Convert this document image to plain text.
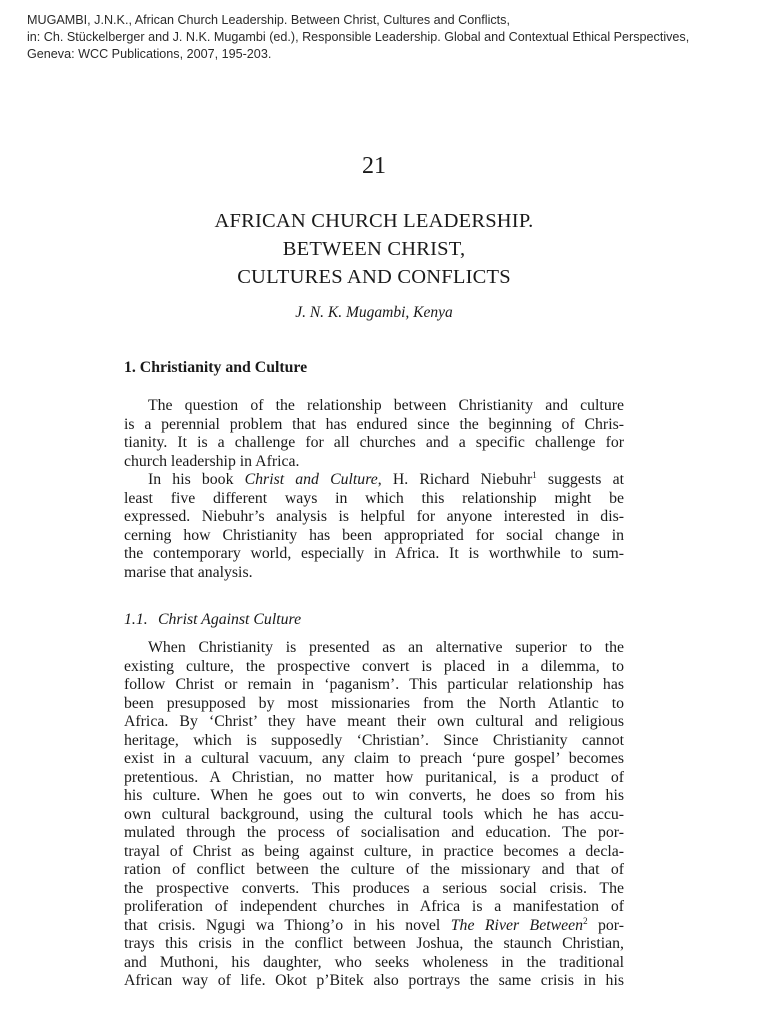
MUGAMBI, J.N.K., African Church Leadership. Between Christ, Cultures and Conflicts,
in: Ch. Stückelberger and J. N.K. Mugambi (ed.), Responsible Leadership. Global and Contextual Ethical Perspectives,
Geneva: WCC Publications, 2007, 195-203.
21
AFRICAN CHURCH LEADERSHIP.
BETWEEN CHRIST,
CULTURES AND CONFLICTS
J. N. K. Mugambi, Kenya
1. Christianity and Culture
The question of the relationship between Christianity and culture
is a perennial problem that has endured since the beginning of Chris-
tianity. It is a challenge for all churches and a specific challenge for
church leadership in Africa.
In his book Christ and Culture, H. Richard Niebuhr$^1$ suggests at
least five different ways in which this relationship might be
expressed. Niebuhr’s analysis is helpful for anyone interested in dis-
cerning how Christianity has been appropriated for social change in
the contemporary world, especially in Africa. It is worthwhile to sum-
marise that analysis.
1.1. Christ Against Culture
When Christianity is presented as an alternative superior to the
existing culture, the prospective convert is placed in a dilemma, to
follow Christ or remain in ‘paganism’. This particular relationship has
been presupposed by most missionaries from the North Atlantic to
Africa. By ‘Christ’ they have meant their own cultural and religious
heritage, which is supposedly ‘Christian’. Since Christianity cannot
exist in a cultural vacuum, any claim to preach ‘pure gospel’ becomes
pretentious. A Christian, no matter how puritanical, is a product of
his culture. When he goes out to win converts, he does so from his
own cultural background, using the cultural tools which he has accu-
mulated through the process of socialisation and education. The por-
trayal of Christ as being against culture, in practice becomes a decla-
ration of conflict between the culture of the missionary and that of
the prospective converts. This produces a serious social crisis. The
proliferation of independent churches in Africa is a manifestation of
that crisis. Ngugi wa Thiong’o in his novel The River Between$^2$ por-
trays this crisis in the conflict between Joshua, the staunch Christian,
and Muthoni, his daughter, who seeks wholeness in the traditional
African way of life. Okot p’Bitek also portrays the same crisis in his
